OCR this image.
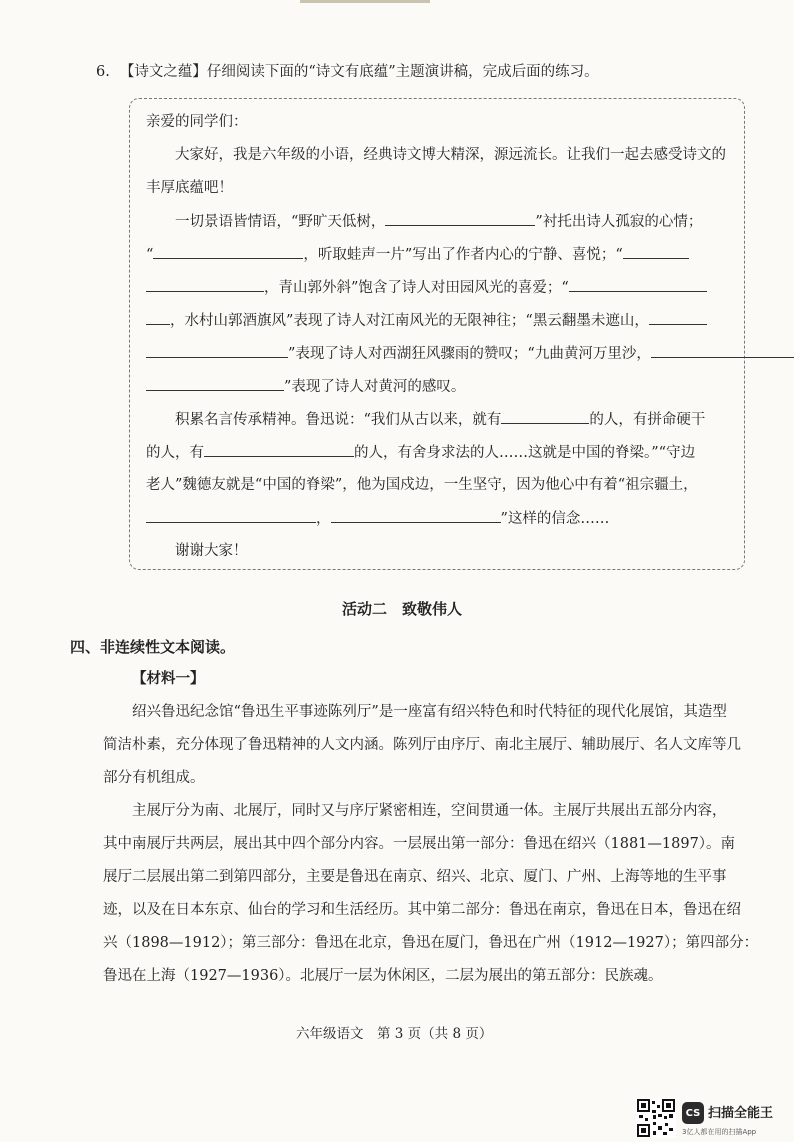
6. 【诗文之蕴】仔细阅读下面的“诗文有底蕴”主题演讲稿，完成后面的练习。
亲爱的同学们：
大家好，我是六年级的小语，经典诗文博大精深，源远流长。让我们一起去感受诗文的
丰厚底蕴吧！
一切景语皆情语，“野旷天低树，	”衬托出诗人孤寂的心情；
“	，听取蛙声一片”写出了作者内心的宁静、喜悦；“
，青山郭外斜”饱含了诗人对田园风光的喜爱；“
，水村山郭酒旗风”表现了诗人对江南风光的无限神往；“黑云翻墨未遮山，
”表现了诗人对西湖狂风骤雨的赞叹；“九曲黄河万里沙，
”表现了诗人对黄河的感叹。
积累名言传承精神。鲁迅说：“我们从古以来，就有	的人，有拼命硬干
的人，有	的人，有舍身求法的人……这就是中国的脊梁。”“守边
老人”魏德友就是“中国的脊梁”，他为国戍边，一生坚守，因为他心中有着“祖宗疆土，
，	”这样的信念……
谢谢大家！
活动二　致敬伟人
四、非连续性文本阅读。
【材料一】
绍兴鲁迅纪念馆“鲁迅生平事迹陈列厅”是一座富有绍兴特色和时代特征的现代化展馆，其造型
简洁朴素，充分体现了鲁迅精神的人文内涵。陈列厅由序厅、南北主展厅、辅助展厅、名人文库等几
部分有机组成。
主展厅分为南、北展厅，同时又与序厅紧密相连，空间贯通一体。主展厅共展出五部分内容，
其中南展厅共两层，展出其中四个部分内容。一层展出第一部分：鲁迅在绍兴（1881—1897）。南
展厅二层展出第二到第四部分，主要是鲁迅在南京、绍兴、北京、厦门、广州、上海等地的生平事
迹，以及在日本东京、仙台的学习和生活经历。其中第二部分：鲁迅在南京，鲁迅在日本，鲁迅在绍
兴（1898—1912）；第三部分：鲁迅在北京，鲁迅在厦门，鲁迅在广州（1912—1927）；第四部分：
鲁迅在上海（1927—1936）。北展厅一层为休闲区，二层为展出的第五部分：民族魂。
六年级语文　第 3 页（共 8 页）
CS 扫描全能王
3亿人都在用的扫描App
